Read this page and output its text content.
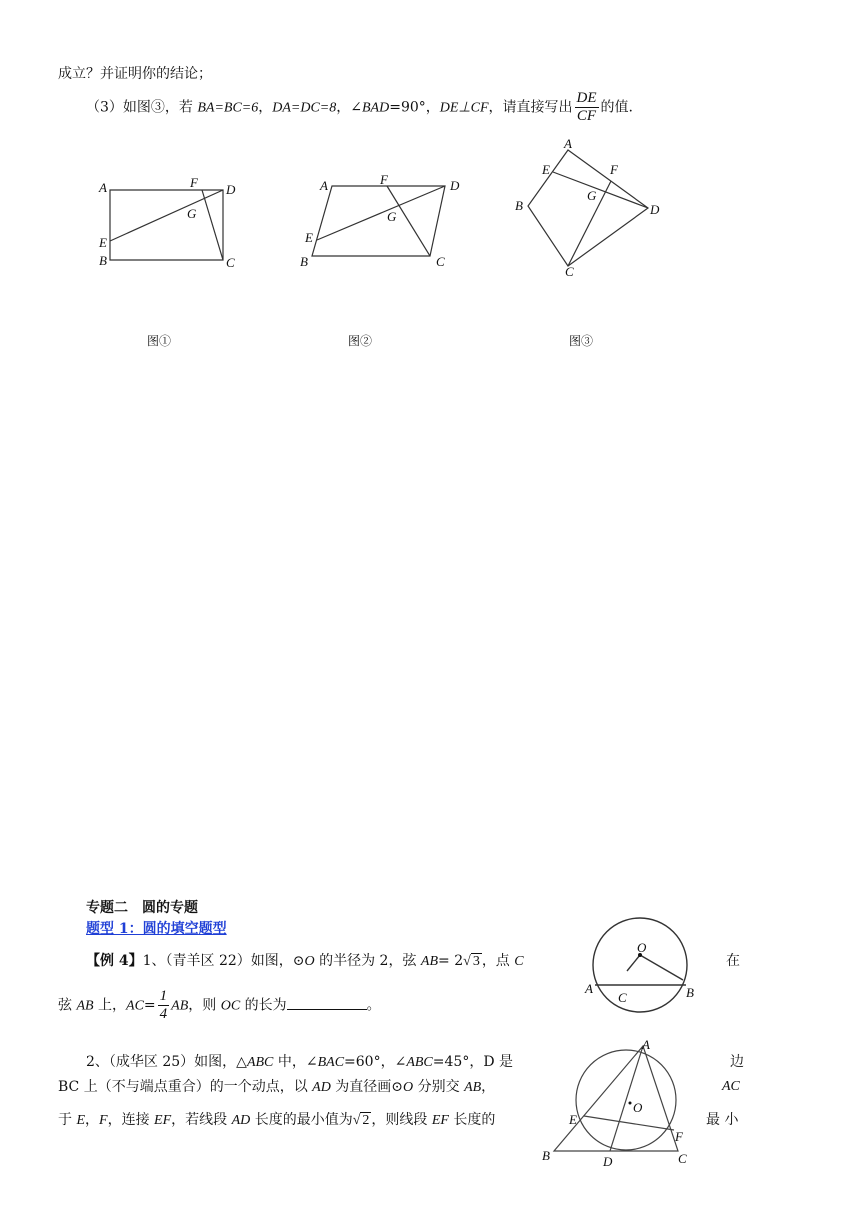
成立？并证明你的结论；
（3）如图③，若 BA=BC=6，DA=DC=8，∠BAD=90°，DE⊥CF，请直接写出 $\frac{DE}{CF}$ 的值.
A
B	C
D
E
F
G
图①
A
B	C
D
E
F
G
图②
A
B
C
D
E	F
G
图③
专题二　圆的专题
题型 1：圆的填空题型
【例 4】1、（青羊区 22）如图，⊙O 的半径为 2，弦 AB= 2√ 3 ，点 C	在
弦 AB 上，$AC= \frac{1}{4}$ AB，则 OC 的长为	。
O
A
C	B
2、（成华区 25）如图，△ABC 中，∠BAC=60°，∠ABC=45°，D 是	边
BC 上（不与端点重合）的一个动点，以 AD 为直径画⊙O 分别交 AB，	AC
于 E，F，连接 EF，若线段 AD 长度的最小值为√ 2 ，则线段 EF 长度的	最 小
A
O
E
F
B	D	C
